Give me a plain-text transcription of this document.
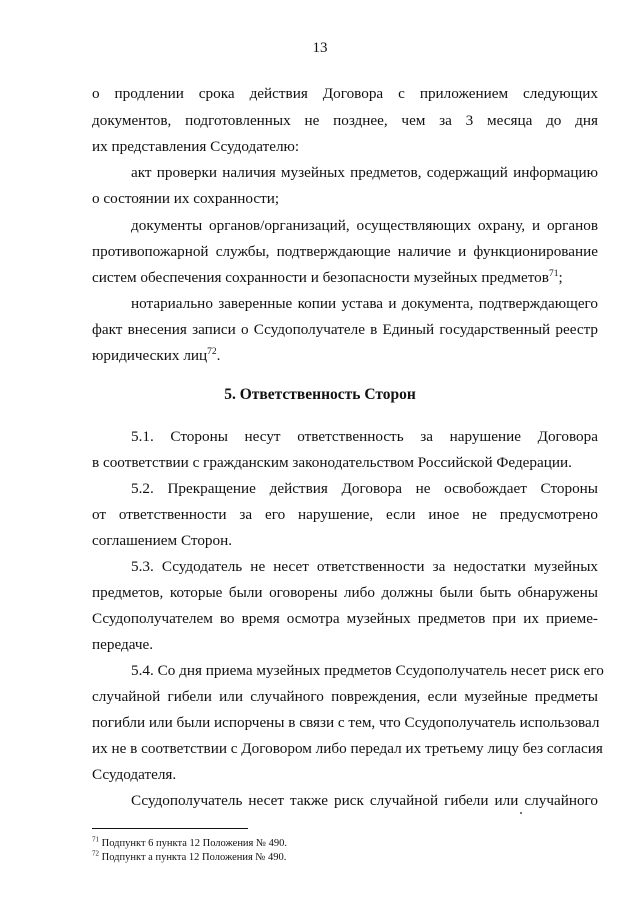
13
о продлении срока действия Договора с приложением следующих
документов, подготовленных не позднее, чем за 3 месяца до дня
их представления Ссудодателю:
акт проверки наличия музейных предметов, содержащий информацию
о состоянии их сохранности;
документы органов/организаций, осуществляющих охрану, и органов
противопожарной службы, подтверждающие наличие и функционирование
систем обеспечения сохранности и безопасности музейных предметов$^{71}$;
нотариально заверенные копии устава и документа, подтверждающего
факт внесения записи о Ссудополучателе в Единый государственный реестр
юридических лиц$^{72}$.
5.1. Стороны несут ответственность за нарушение Договора
в соответствии с гражданским законодательством Российской Федерации.
5.2. Прекращение действия Договора не освобождает Стороны
от ответственности за его нарушение, если иное не предусмотрено
соглашением Сторон.
5.3. Ссудодатель не несет ответственности за недостатки музейных
предметов, которые были оговорены либо должны были быть обнаружены
Ссудополучателем во время осмотра музейных предметов при их приеме-
передаче.
5.4. Со дня приема музейных предметов Ссудополучатель несет риск его
случайной гибели или случайного повреждения, если музейные предметы
погибли или были испорчены в связи с тем, что Ссудополучатель использовал
их не в соответствии с Договором либо передал их третьему лицу без согласия
Ссудодателя.
Ссудополучатель несет также риск случайной гибели или случайного
5. Ответственность Сторон
$^{71}$ Подпункт 6 пункта 12 Положения № 490.
$^{72}$ Подпункт а пункта 12 Положения № 490.
